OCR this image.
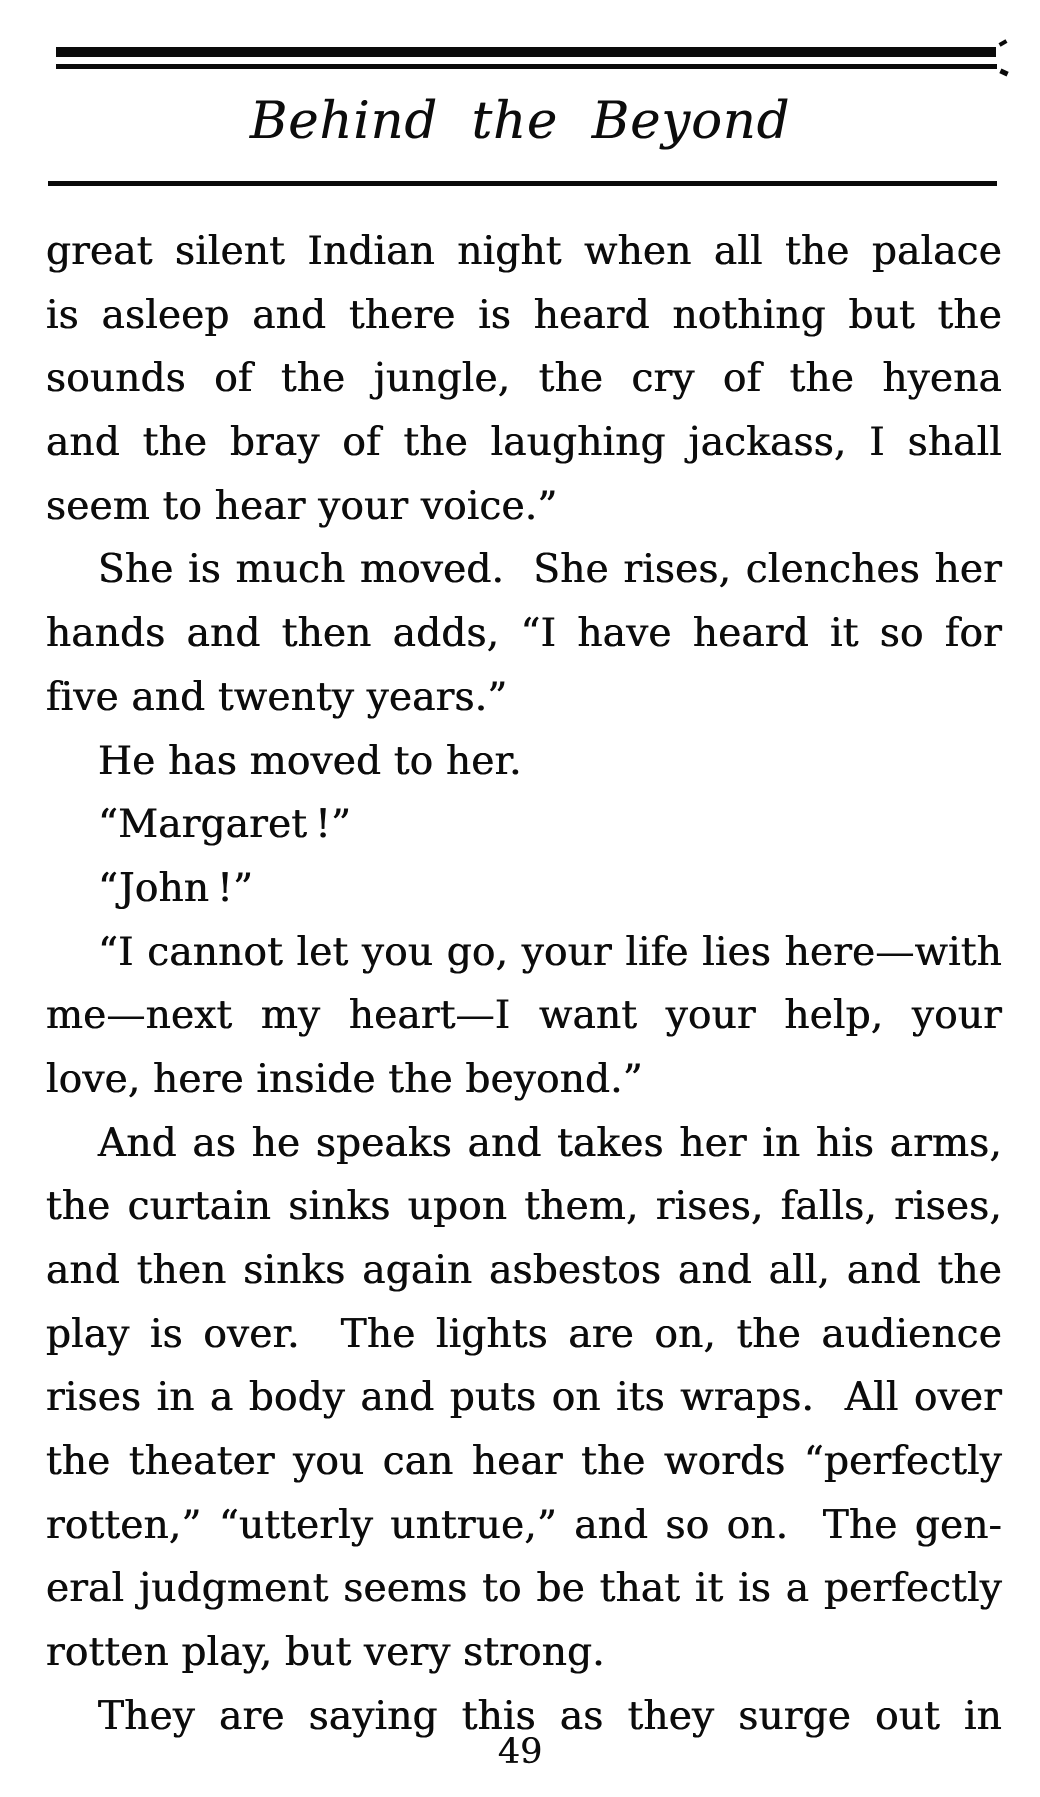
Behind the Beyond
great silent Indian night when all the palace
is asleep and there is heard nothing but the
sounds of the jungle, the cry of the hyena
and the bray of the laughing jackass, I shall
seem to hear your voice.”
She is much moved.  She rises, clenches her
hands and then adds, “I have heard it so for
five and twenty years.”
He has moved to her.
“Margaret !”
“John !”
“I cannot let you go, your life lies here—with
me—next my heart—I want your help, your
love, here inside the beyond.”
And as he speaks and takes her in his arms,
the curtain sinks upon them, rises, falls, rises,
and then sinks again asbestos and all, and the
play is over.  The lights are on, the audience
rises in a body and puts on its wraps.  All over
the theater you can hear the words “perfectly
rotten,” “utterly untrue,” and so on.  The gen-
eral judgment seems to be that it is a perfectly
rotten play, but very strong.
They are saying this as they surge out in
49
